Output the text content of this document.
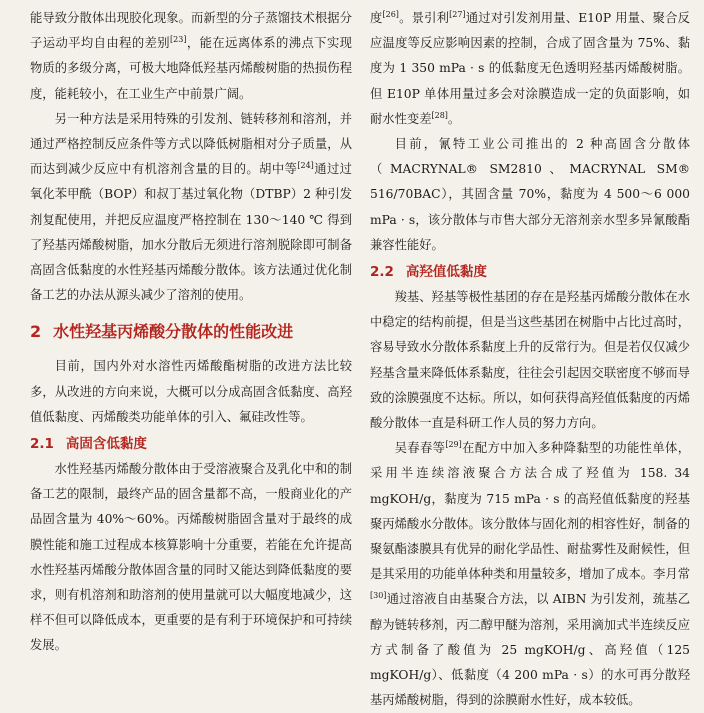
能导致分散体出现胶化现象。而新型的分子蒸馏技术根据分子运动平均自由程的差别[23]，能在远离体系的沸点下实现物质的多级分离，可极大地降低羟基丙烯酸树脂的热损伤程度，能耗较小，在工业生产中前景广阔。

另一种方法是采用特殊的引发剂、链转移剂和溶剂，并通过严格控制反应条件等方式以降低树脂相对分子质量，从而达到减少反应中有机溶剂含量的目的。胡中等[24]通过过氧化苯甲酰（BOP）和叔丁基过氧化物（DTBP）2 种引发剂复配使用，并把反应温度严格控制在 130～140 ℃ 得到了羟基丙烯酸树脂，加水分散后无须进行溶剂脱除即可制备高固含低黏度的水性羟基丙烯酸分散体。该方法通过优化制备工艺的办法从源头减少了溶剂的使用。

2 水性羟基丙烯酸分散体的性能改进

目前，国内外对水溶性丙烯酸酯树脂的改进方法比较多，从改进的方向来说，大概可以分成高固含低黏度、高羟值低黏度、丙烯酸类功能单体的引入、氟硅改性等。

2.1 高固含低黏度

水性羟基丙烯酸分散体由于受溶液聚合及乳化中和的制备工艺的限制，最终产品的固含量都不高，一般商业化的产品固含量为 40%～60%。丙烯酸树脂固含量对于最终的成膜性能和施工过程成本核算影响十分重要，若能在允许提高水性羟基丙烯酸分散体固含量的同时又能达到降低黏度的要求，则有机溶剂和助溶剂的使用量就可以大幅度地减少，这样不但可以降低成本，更重要的是有利于环境保护和可持续发展。

度[26]。景引利[27]通过对引发剂用量、E10P 用量、聚合反应温度等反应影响因素的控制，合成了固含量为 75%、黏度为 1 350 mPa · s 的低黏度无色透明羟基丙烯酸树脂。但 E10P 单体用量过多会对涂膜造成一定的负面影响，如耐水性变差[28]。

目前，氰特工业公司推出的 2 种高固含分散体（MACRYNAL® SM2810、MACRYNAL SM® 516/70BAC），其固含量 70%，黏度为 4 500～6 000 mPa · s，该分散体与市售大部分无溶剂亲水型多异氰酸酯兼容性能好。

2.2 高羟值低黏度

羧基、羟基等极性基团的存在是羟基丙烯酸分散体在水中稳定的结构前提，但是当这些基团在树脂中占比过高时，容易导致水分散体系黏度上升的反常行为。但是若仅仅减少羟基含量来降低体系黏度，往往会引起因交联密度不够而导致的涂膜强度不达标。所以，如何获得高羟值低黏度的丙烯酸分散体一直是科研工作人员的努力方向。

吴春春等[29]在配方中加入多种降黏型的功能性单体，采用半连续溶液聚合方法合成了羟值为 158. 34 mgKOH/g，黏度为 715 mPa · s 的高羟值低黏度的羟基聚丙烯酸水分散体。该分散体与固化剂的相容性好，制备的聚氨酯漆膜具有优异的耐化学品性、耐盐雾性及耐候性，但是其采用的功能单体种类和用量较多，增加了成本。李月常[30]通过溶液自由基聚合方法，以 AIBN 为引发剂，巯基乙醇为链转移剂，丙二醇甲醚为溶剂，采用滴加式半连续反应方式制备了酸值为 25 mgKOH/g、高羟值（125 mgKOH/g）、低黏度（4 200 mPa · s）的水可再分散羟基丙烯酸树脂，得到的涂膜耐水性好，成本较低。
